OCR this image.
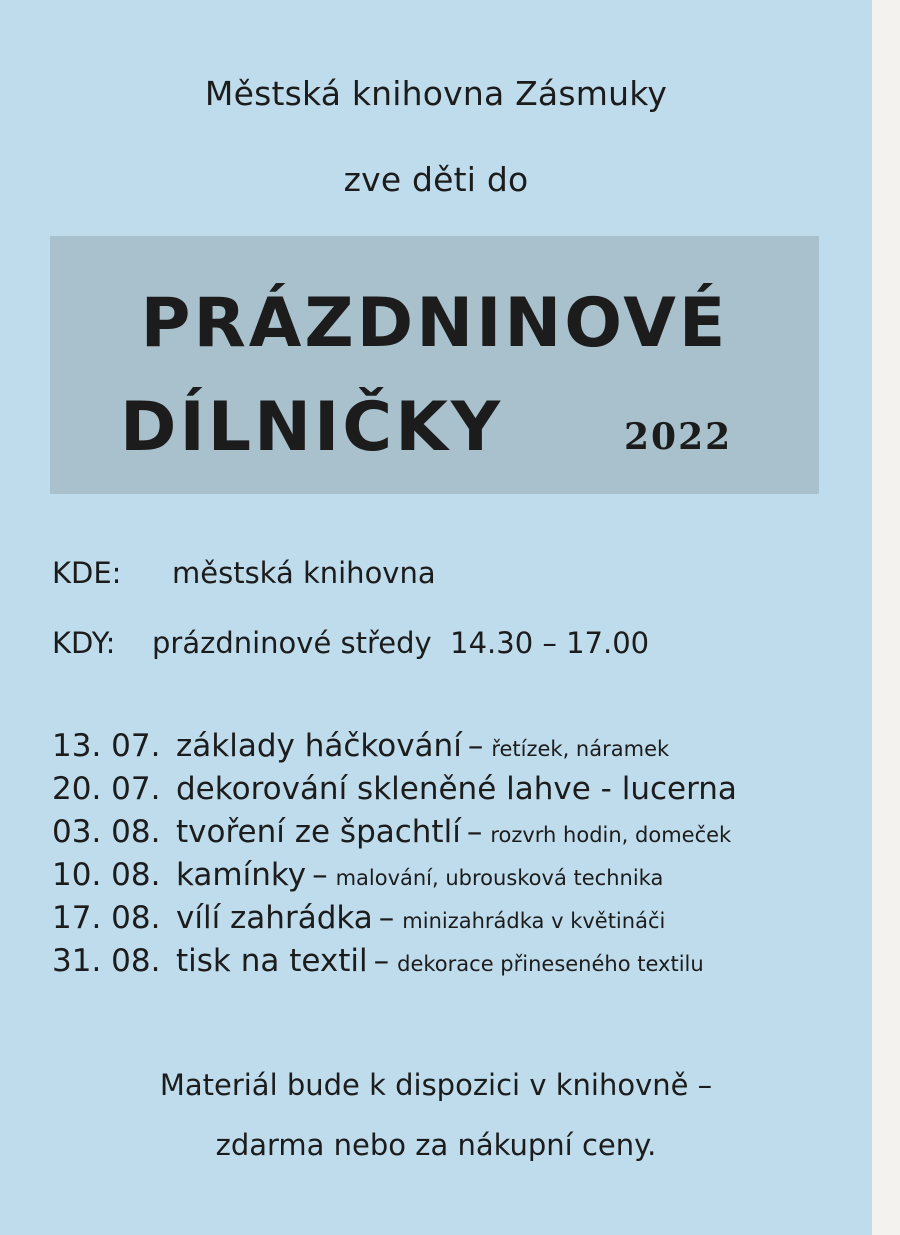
Městská knihovna Zásmuky
zve děti do
PRÁZDNINOVÉ
DÍLNIČKY	2022
KDE: městská knihovna
KDY: prázdninové středy  14.30 – 17.00
13. 07. základy háčkování – řetízek, náramek
20. 07. dekorování skleněné lahve - lucerna
03. 08. tvoření ze špachtlí – rozvrh hodin, domeček
10. 08. kamínky – malování, ubrousková technika
17. 08. vílí zahrádka – minizahrádka v květináči
31. 08. tisk na textil – dekorace přineseného textilu
Materiál bude k dispozici v knihovně –
zdarma nebo za nákupní ceny.
